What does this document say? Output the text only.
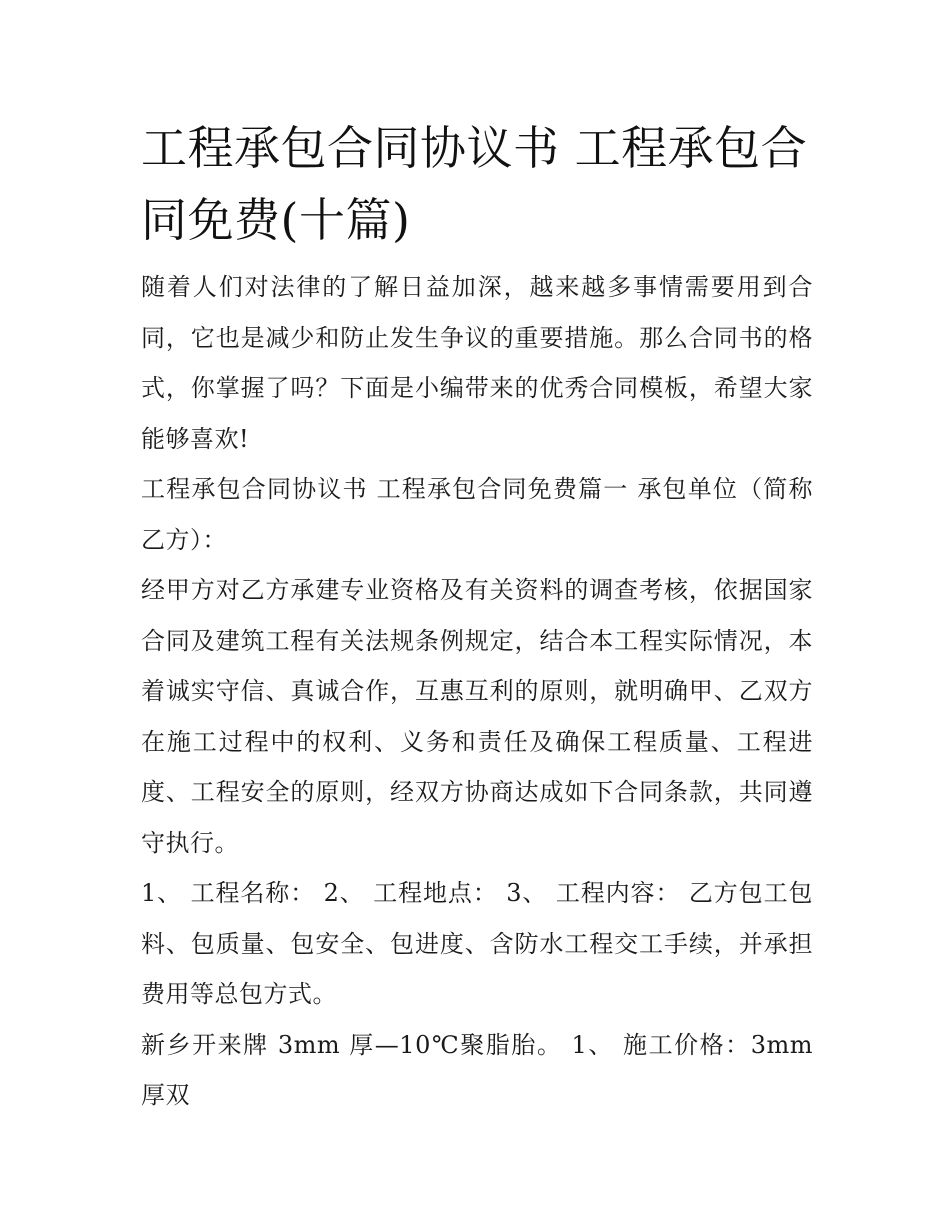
工程承包合同协议书 工程承包合同免费(十篇)

随着人们对法律的了解日益加深，越来越多事情需要用到合同，它也是减少和防止发生争议的重要措施。那么合同书的格式，你掌握了吗？下面是小编带来的优秀合同模板，希望大家能够喜欢!

工程承包合同协议书 工程承包合同免费篇一 承包单位（简称乙方）：

经甲方对乙方承建专业资格及有关资料的调查考核，依据国家合同及建筑工程有关法规条例规定，结合本工程实际情况，本着诚实守信、真诚合作，互惠互利的原则，就明确甲、乙双方在施工过程中的权利、义务和责任及确保工程质量、工程进度、工程安全的原则，经双方协商达成如下合同条款，共同遵守执行。

1、 工程名称： 2、 工程地点： 3、 工程内容： 乙方包工包料、包质量、包安全、包进度、含防水工程交工手续，并承担费用等总包方式。

新乡开来牌 3mm 厚—10℃聚脂胎。 1、 施工价格：3mm 厚双
